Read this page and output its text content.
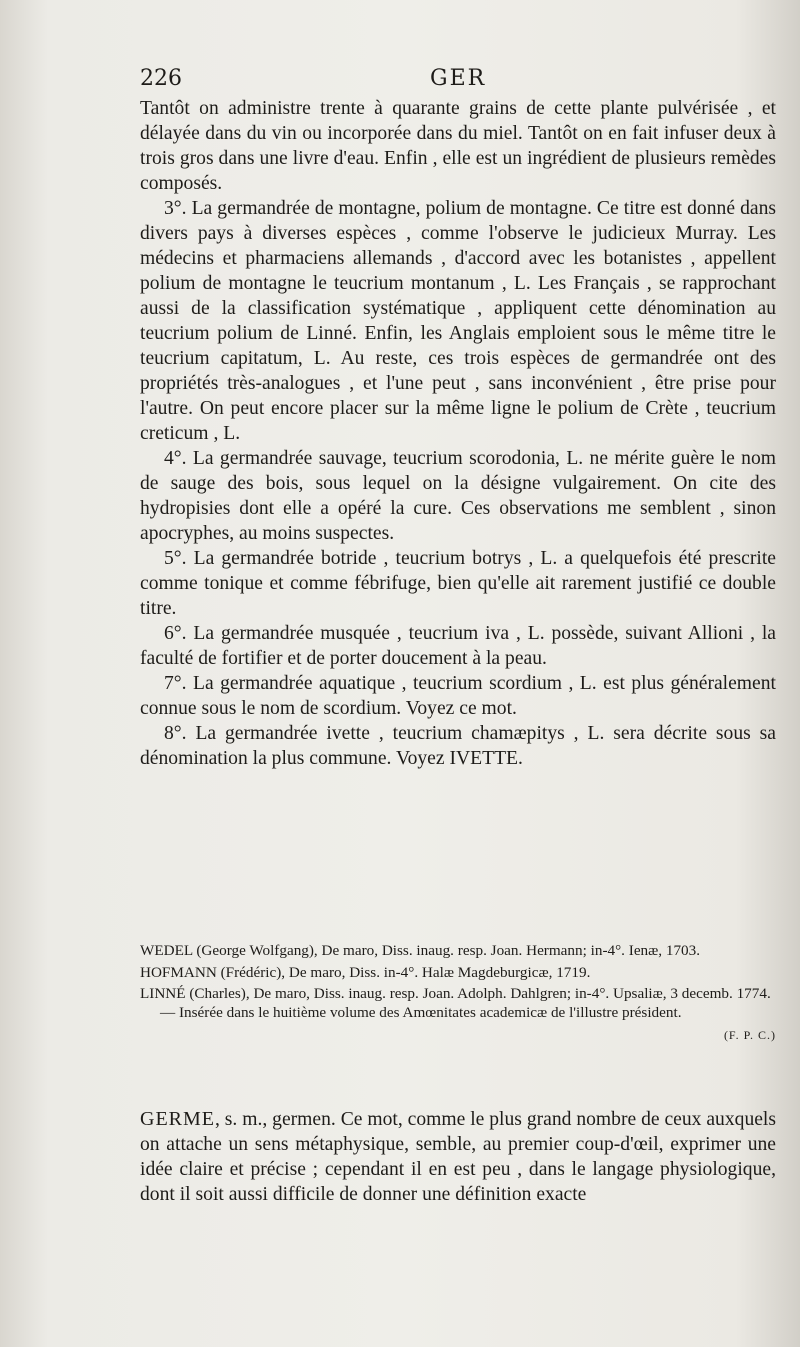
226	GER

Tantôt on administre trente à quarante grains de cette plante pulvérisée , et délayée dans du vin ou incorporée dans du miel. Tantôt on en fait infuser deux à trois gros dans une livre d'eau. Enfin , elle est un ingrédient de plusieurs remèdes composés.

3°. La germandrée de montagne, polium de montagne. Ce titre est donné dans divers pays à diverses espèces , comme l'observe le judicieux Murray. Les médecins et pharmaciens allemands , d'accord avec les botanistes , appellent polium de montagne le teucrium montanum , L. Les Français , se rapprochant aussi de la classification systématique , appliquent cette dénomination au teucrium polium de Linné. Enfin, les Anglais emploient sous le même titre le teucrium capitatum, L. Au reste, ces trois espèces de germandrée ont des propriétés très-analogues , et l'une peut , sans inconvénient , être prise pour l'autre. On peut encore placer sur la même ligne le polium de Crète , teucrium creticum , L.

4°. La germandrée sauvage, teucrium scorodonia, L. ne mérite guère le nom de sauge des bois, sous lequel on la désigne vulgairement. On cite des hydropisies dont elle a opéré la cure. Ces observations me semblent , sinon apocryphes, au moins suspectes.

5°. La germandrée botride , teucrium botrys , L. a quelquefois été prescrite comme tonique et comme fébrifuge, bien qu'elle ait rarement justifié ce double titre.

6°. La germandrée musquée , teucrium iva , L. possède, suivant Allioni , la faculté de fortifier et de porter doucement à la peau.

7°. La germandrée aquatique , teucrium scordium , L. est plus généralement connue sous le nom de scordium. Voyez ce mot.

8°. La germandrée ivette , teucrium chamæpitys , L. sera décrite sous sa dénomination la plus commune. Voyez IVETTE.

WEDEL (George Wolfgang), De maro, Diss. inaug. resp. Joan. Hermann; in-4°. Ienæ, 1703.

HOFMANN (Frédéric), De maro, Diss. in-4°. Halæ Magdeburgicæ, 1719.

LINNÉ (Charles), De maro, Diss. inaug. resp. Joan. Adolph. Dahlgren; in-4°. Upsaliæ, 3 decemb. 1774. — Insérée dans le huitième volume des Amœnitates academicæ de l'illustre président.

(F. P. C.)

GERME, s. m., germen. Ce mot, comme le plus grand nombre de ceux auxquels on attache un sens métaphysique, semble, au premier coup-d'œil, exprimer une idée claire et précise ; cependant il en est peu , dans le langage physiologique, dont il soit aussi difficile de donner une définition exacte
